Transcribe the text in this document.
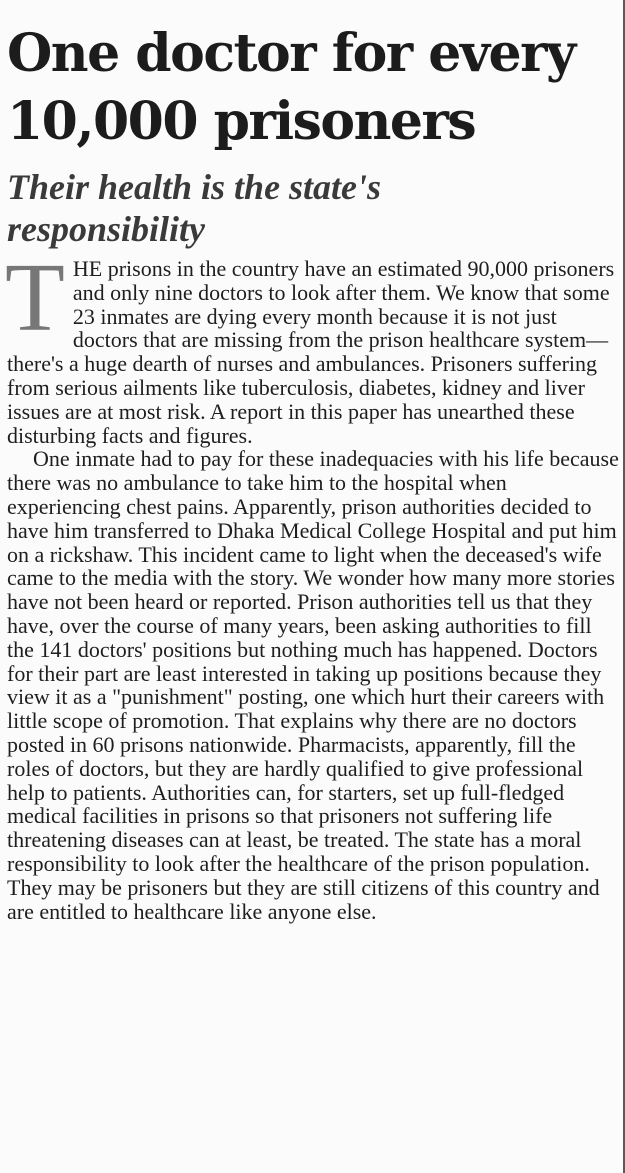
One doctor for every
10,000 prisoners
Their health is the state's
responsibility

THE prisons in the country have an estimated 90,000 prisoners and only nine doctors to look after them. We know that some 23 inmates are dying every month because it is not just doctors that are missing from the prison healthcare system—there's a huge dearth of nurses and ambulances. Prisoners suffering from serious ailments like tuberculosis, diabetes, kidney and liver issues are at most risk. A report in this paper has unearthed these disturbing facts and figures.

One inmate had to pay for these inadequacies with his life because there was no ambulance to take him to the hospital when experiencing chest pains. Apparently, prison authorities decided to have him transferred to Dhaka Medical College Hospital and put him on a rickshaw. This incident came to light when the deceased's wife came to the media with the story. We wonder how many more stories have not been heard or reported. Prison authorities tell us that they have, over the course of many years, been asking authorities to fill the 141 doctors' positions but nothing much has happened. Doctors for their part are least interested in taking up positions because they view it as a "punishment" posting, one which hurt their careers with little scope of promotion. That explains why there are no doctors posted in 60 prisons nationwide. Pharmacists, apparently, fill the roles of doctors, but they are hardly qualified to give professional help to patients. Authorities can, for starters, set up full-fledged medical facilities in prisons so that prisoners not suffering life threatening diseases can at least, be treated. The state has a moral responsibility to look after the healthcare of the prison population. They may be prisoners but they are still citizens of this country and are entitled to healthcare like anyone else.
